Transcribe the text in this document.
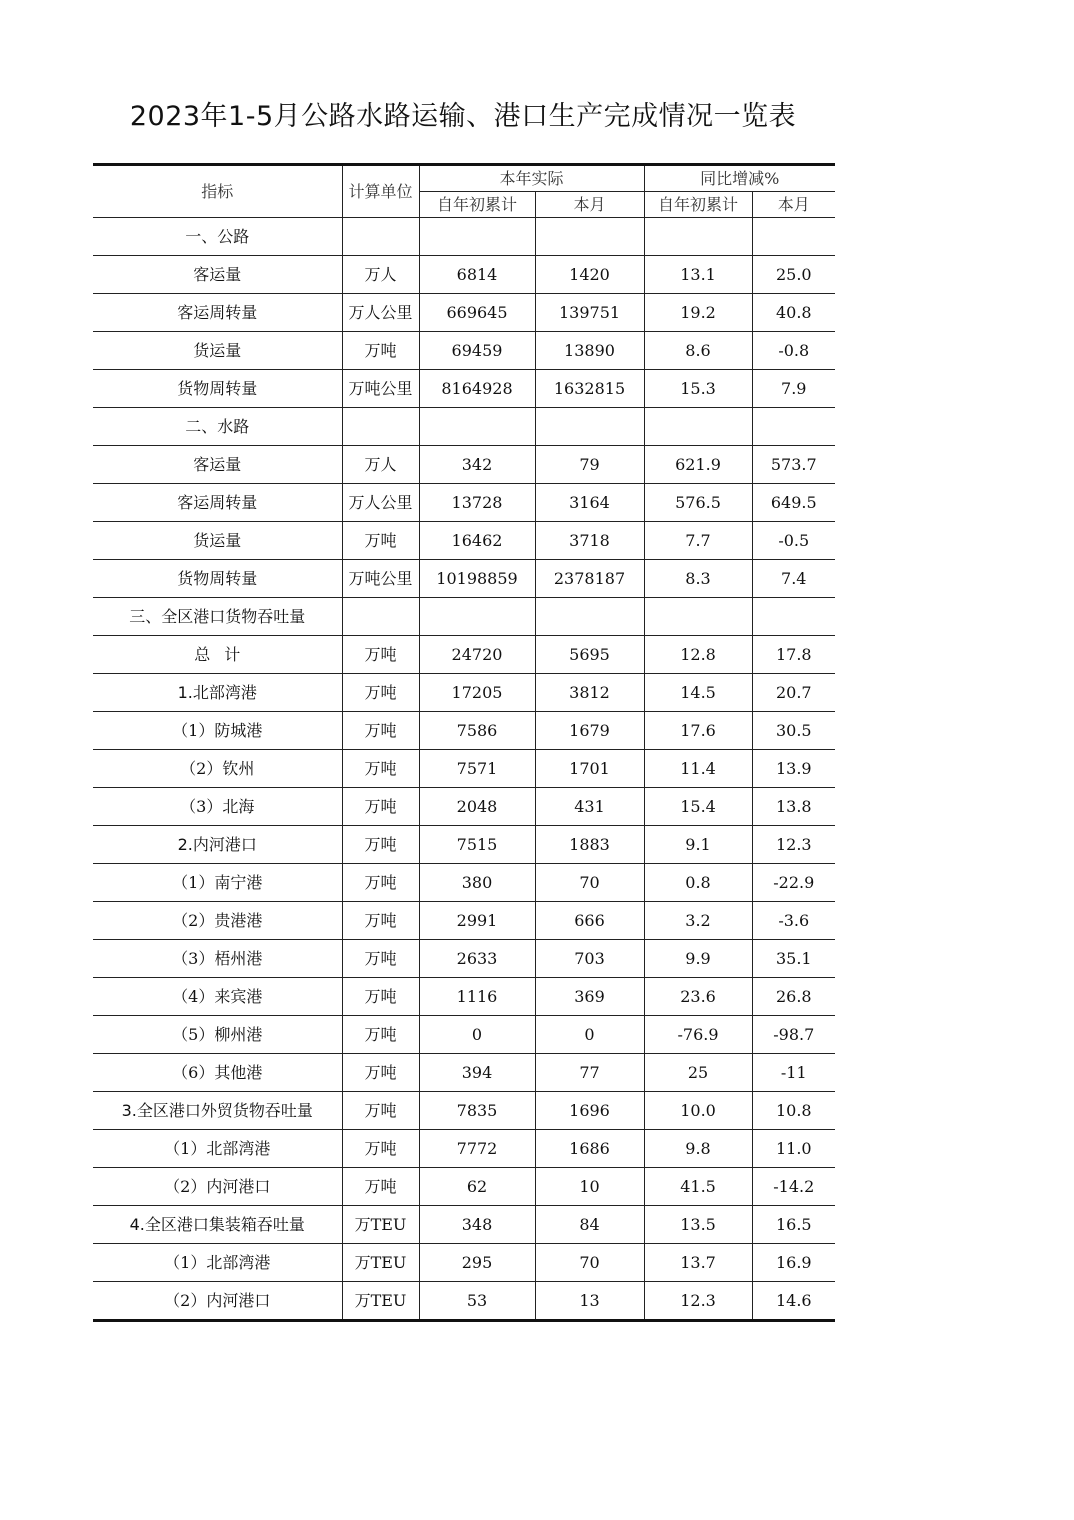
2023年1-5月公路水路运输、港口生产完成情况一览表
指标	计算单位	本年实际		同比增减%	
		自年初累计	本月	自年初累计	本月
一、公路					
客运量	万人	6814	1420	13.1	25.0
客运周转量	万人公里	669645	139751	19.2	40.8
货运量	万吨	69459	13890	8.6	-0.8
货物周转量	万吨公里	8164928	1632815	15.3	7.9
二、水路					
客运量	万人	342	79	621.9	573.7
客运周转量	万人公里	13728	3164	576.5	649.5
货运量	万吨	16462	3718	7.7	-0.5
货物周转量	万吨公里	10198859	2378187	8.3	7.4
三、全区港口货物吞吐量					
总计	万吨	24720	5695	12.8	17.8
1.北部湾港	万吨	17205	3812	14.5	20.7
（1）防城港	万吨	7586	1679	17.6	30.5
（2）钦州	万吨	7571	1701	11.4	13.9
（3）北海	万吨	2048	431	15.4	13.8
2.内河港口	万吨	7515	1883	9.1	12.3
（1）南宁港	万吨	380	70	0.8	-22.9
（2）贵港港	万吨	2991	666	3.2	-3.6
（3）梧州港	万吨	2633	703	9.9	35.1
（4）来宾港	万吨	1116	369	23.6	26.8
（5）柳州港	万吨	0	0	-76.9	-98.7
（6）其他港	万吨	394	77	25	-11
3.全区港口外贸货物吞吐量	万吨	7835	1696	10.0	10.8
（1）北部湾港	万吨	7772	1686	9.8	11.0
（2）内河港口	万吨	62	10	41.5	-14.2
4.全区港口集装箱吞吐量	万TEU	348	84	13.5	16.5
（1）北部湾港	万TEU	295	70	13.7	16.9
（2）内河港口	万TEU	53	13	12.3	14.6
